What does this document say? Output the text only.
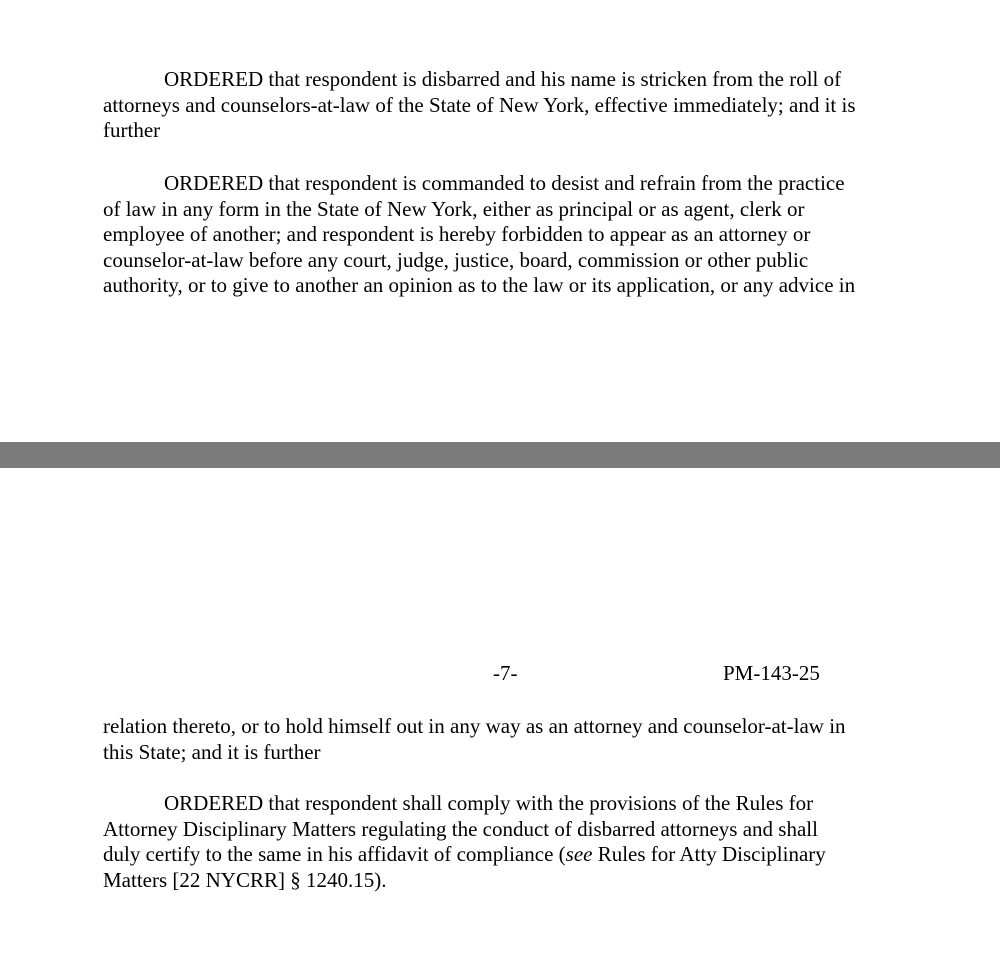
ORDERED that respondent is disbarred and his name is stricken from the roll of
attorneys and counselors-at-law of the State of New York, effective immediately; and it is
further

ORDERED that respondent is commanded to desist and refrain from the practice
of law in any form in the State of New York, either as principal or as agent, clerk or
employee of another; and respondent is hereby forbidden to appear as an attorney or
counselor-at-law before any court, judge, justice, board, commission or other public
authority, or to give to another an opinion as to the law or its application, or any advice in

-7-	PM-143-25

relation thereto, or to hold himself out in any way as an attorney and counselor-at-law in
this State; and it is further

ORDERED that respondent shall comply with the provisions of the Rules for
Attorney Disciplinary Matters regulating the conduct of disbarred attorneys and shall
duly certify to the same in his affidavit of compliance (see Rules for Atty Disciplinary
Matters [22 NYCRR] § 1240.15).
